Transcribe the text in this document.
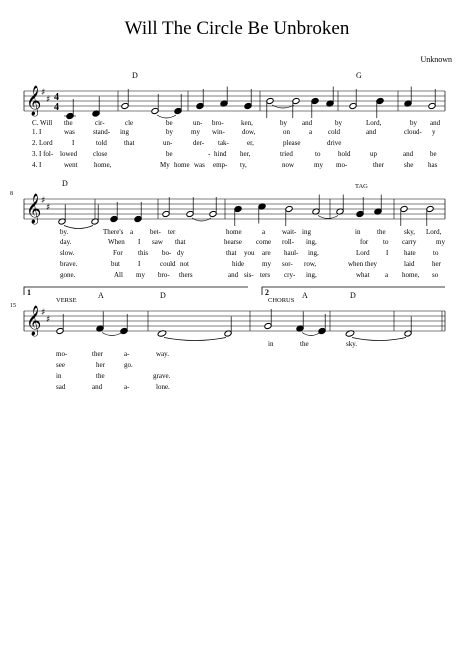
Will The Circle Be Unbroken
Unknown
𝄞 ♯
♯ 4
4
𝄞 ♯
♯
𝄞 ♯
♯
1	2
D	G
C. Will the	cir-	cle	be	un- bro- ken,	by and	by	Lord,	by and
1. I	was	stand- ing	by	my win- dow,	on	a cold	and	cloud- y
2. Lord	I	told that	un-	der- tak-	er,	please	drive
3. I fol- lowed close	be	- hind her,	tried	to	hold	up	and be
4. I	went home,	My home was emp- ty,	now	my mo-	ther	she has
8
D	TAG
by.	There's a bet- ter	home	a wait- ing	in the	sky, Lord,
day.	When I saw that	hearse come roll- ing,	for to carry	my
slow.	For this bo- dy	that you are haul- ing,	Lord I hate to
brave.	but	I	could not	hide	my sor- row,	when they	laid	her
gone.	All my bro- thers	and sis- ters cry- ing,	what a home, so
15
A	D	A	D
VERSE	CHORUS
in	the	sky.
mo-	ther	a-	way.
see	her	go.
in	the	grave.
sad	and	a-	lone.
